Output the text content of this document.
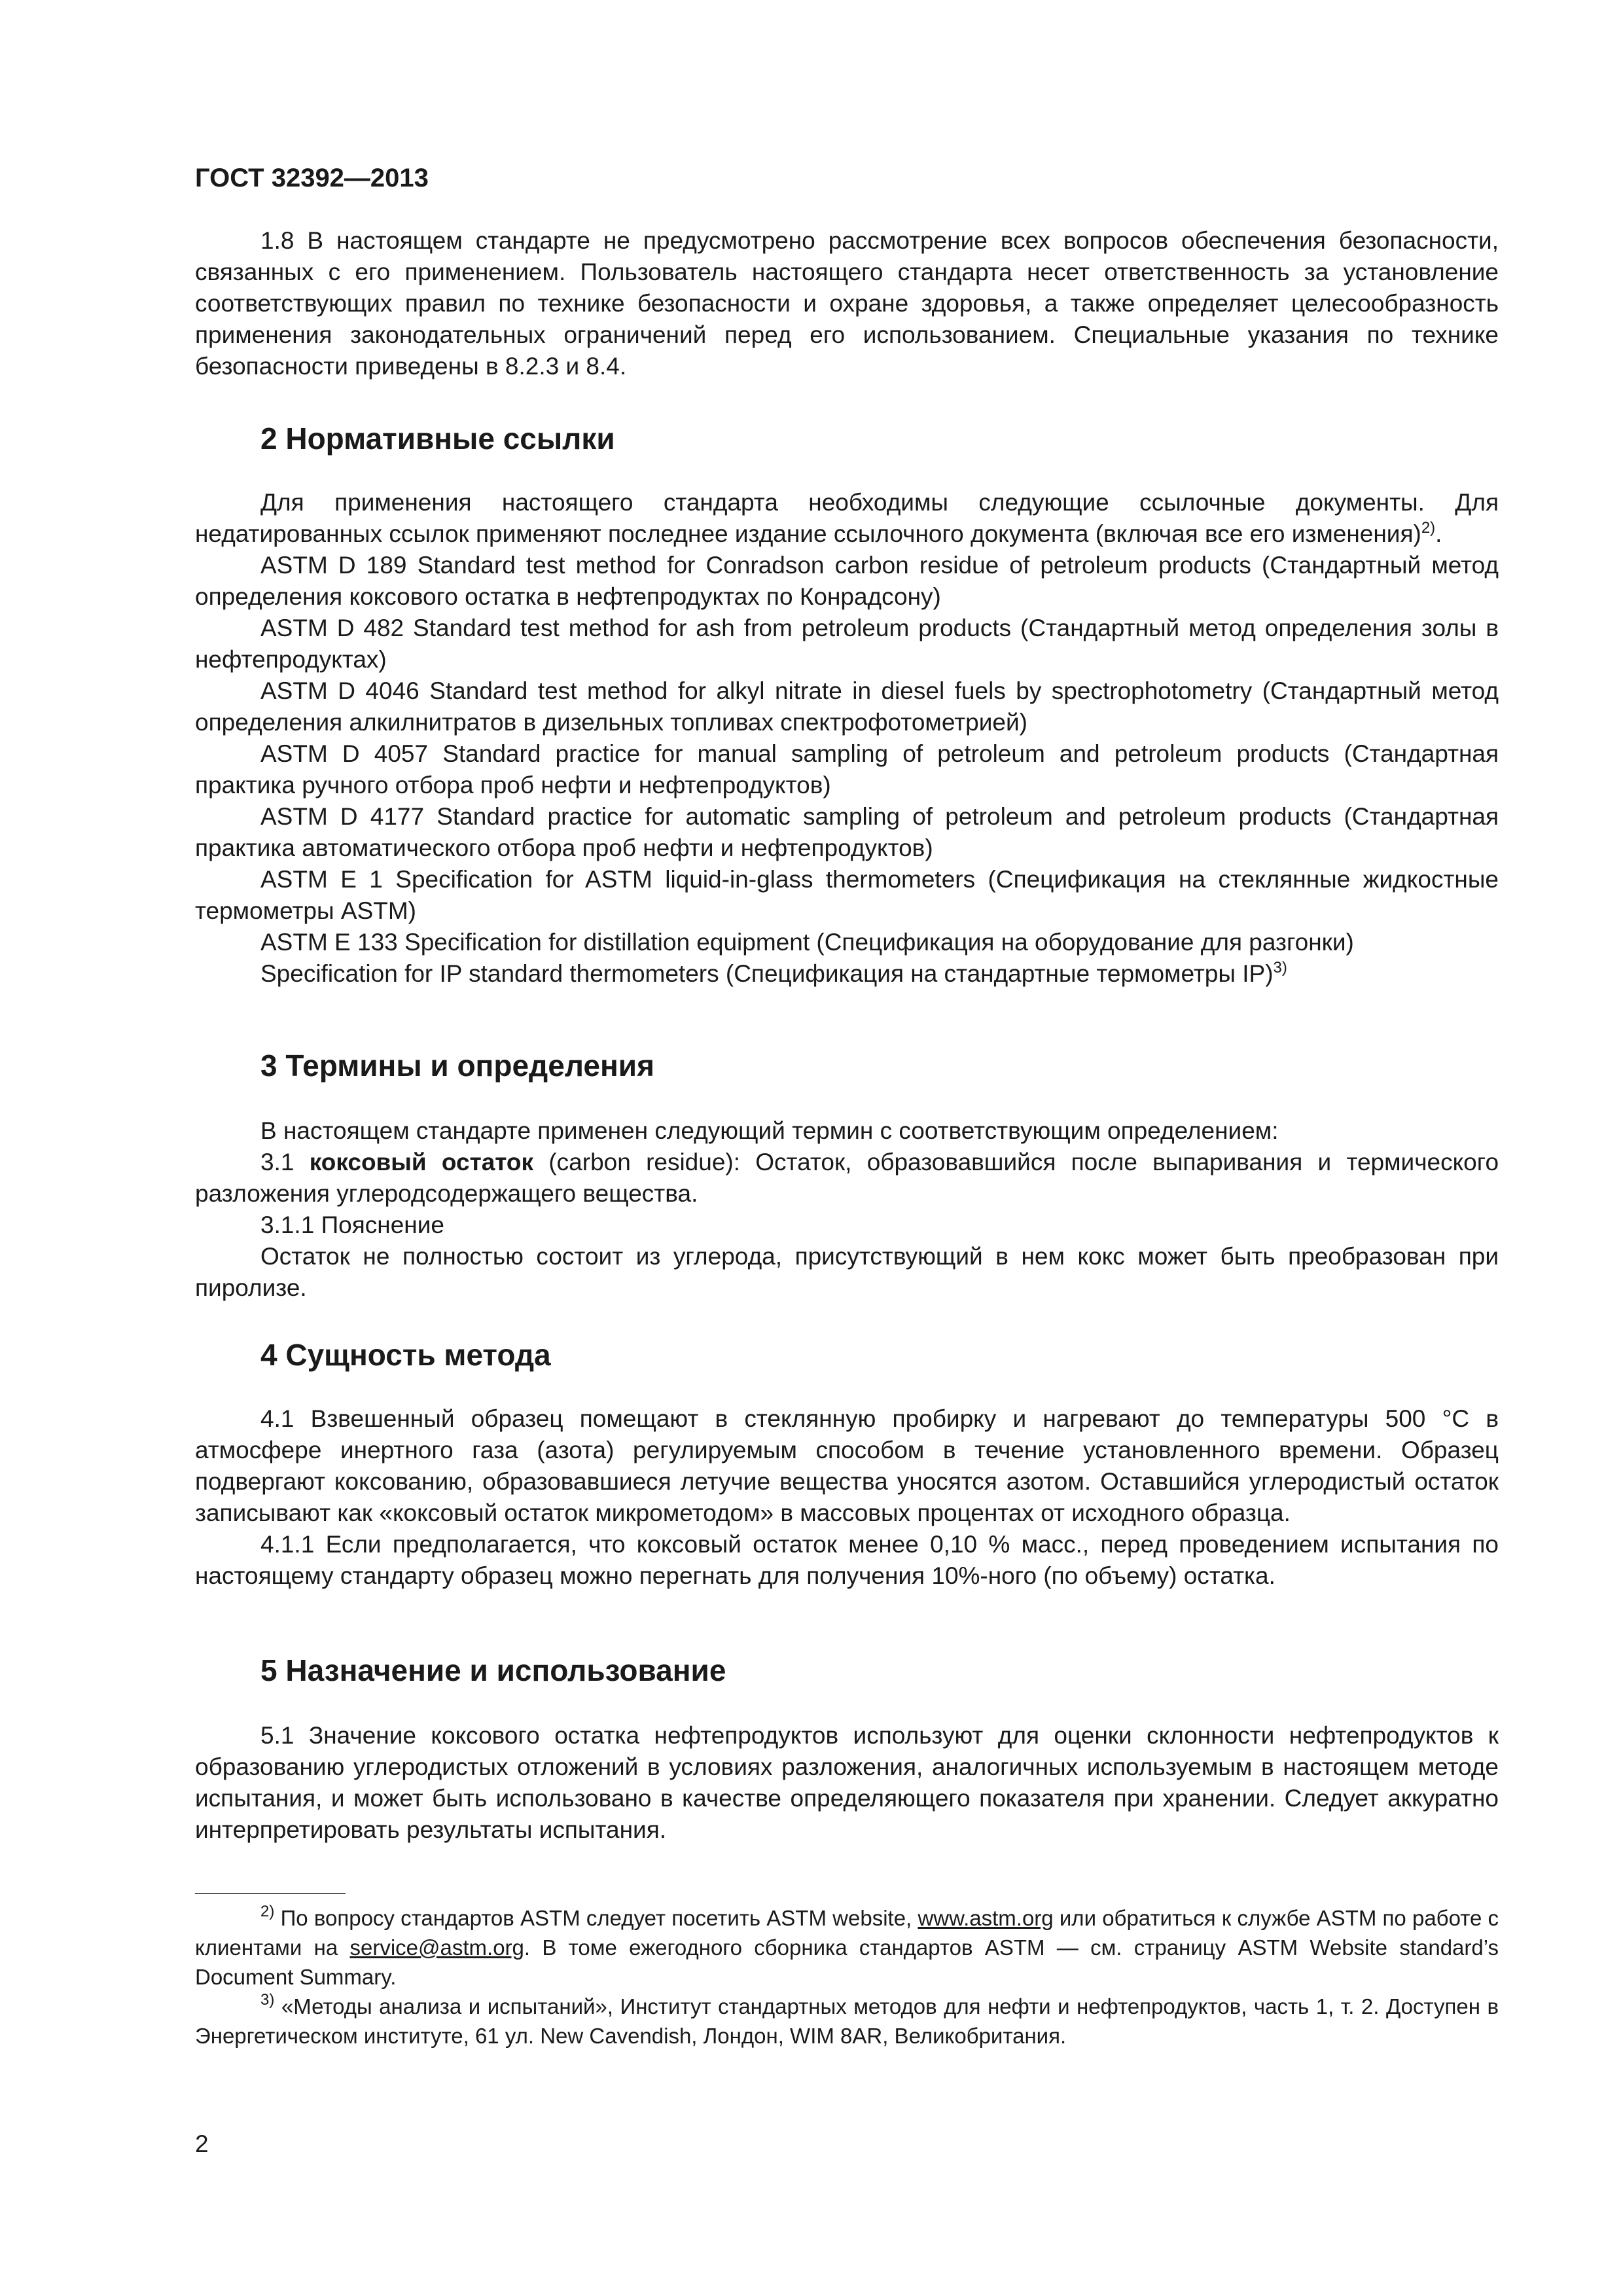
ГОСТ 32392—2013

1.8 В настоящем стандарте не предусмотрено рассмотрение всех вопросов обеспечения безопасности, связанных с его применением. Пользователь настоящего стандарта несет ответственность за установление соответствующих правил по технике безопасности и охране здоровья, а также определяет целесообразность применения законодательных ограничений перед его использованием. Специальные указания по технике безопасности приведены в 8.2.3 и 8.4.

2 Нормативные ссылки

Для применения настоящего стандарта необходимы следующие ссылочные документы. Для недатированных ссылок применяют последнее издание ссылочного документа (включая все его изменения)$^{2)}$.

ASTM D 189 Standard test method for Conradson carbon residue of petroleum products (Стандартный метод определения коксового остатка в нефтепродуктах по Конрадсону)

ASTM D 482 Standard test method for ash from petroleum products (Стандартный метод определения золы в нефтепродуктах)

ASTM D 4046 Standard test method for alkyl nitrate in diesel fuels by spectrophotometry (Стандартный метод определения алкилнитратов в дизельных топливах спектрофотометрией)

ASTM D 4057 Standard practice for manual sampling of petroleum and petroleum products (Стандартная практика ручного отбора проб нефти и нефтепродуктов)

ASTM D 4177 Standard practice for automatic sampling of petroleum and petroleum products (Стандартная практика автоматического отбора проб нефти и нефтепродуктов)

ASTM E 1 Specification for ASTM liquid-in-glass thermometers (Спецификация на стеклянные жидкостные термометры ASTM)

ASTM E 133 Specification for distillation equipment (Спецификация на оборудование для разгонки)

Specification for IP standard thermometers (Спецификация на стандартные термометры IP)$^{3)}$

3 Термины и определения

В настоящем стандарте применен следующий термин с соответствующим определением:

3.1 коксовый остаток (carbon residue): Остаток, образовавшийся после выпаривания и термического разложения углеродсодержащего вещества.

3.1.1 Пояснение

Остаток не полностью состоит из углерода, присутствующий в нем кокс может быть преобразован при пиролизе.

4 Сущность метода

4.1 Взвешенный образец помещают в стеклянную пробирку и нагревают до температуры 500 °С в атмосфере инертного газа (азота) регулируемым способом в течение установленного времени. Образец подвергают коксованию, образовавшиеся летучие вещества уносятся азотом. Оставшийся углеродистый остаток записывают как «коксовый остаток микрометодом» в массовых процентах от исходного образца.

4.1.1 Если предполагается, что коксовый остаток менее 0,10 % масс., перед проведением испытания по настоящему стандарту образец можно перегнать для получения 10%-ного (по объему) остатка.

5 Назначение и использование

5.1 Значение коксового остатка нефтепродуктов используют для оценки склонности нефтепродуктов к образованию углеродистых отложений в условиях разложения, аналогичных используемым в настоящем методе испытания, и может быть использовано в качестве определяющего показателя при хранении. Следует аккуратно интерпретировать результаты испытания.

$^{2)}$ По вопросу стандартов ASTM следует посетить ASTM website, www.astm.org или обратиться к службе ASTM по работе с клиентами на service@astm.org. В томе ежегодного сборника стандартов ASTM — см. страницу ASTM Website standard’s Document Summary.

$^{3)}$ «Методы анализа и испытаний», Институт стандартных методов для нефти и нефтепродуктов, часть 1, т. 2. Доступен в Энергетическом институте, 61 ул. New Cavendish, Лондон, WIM 8AR, Великобритания.

2
